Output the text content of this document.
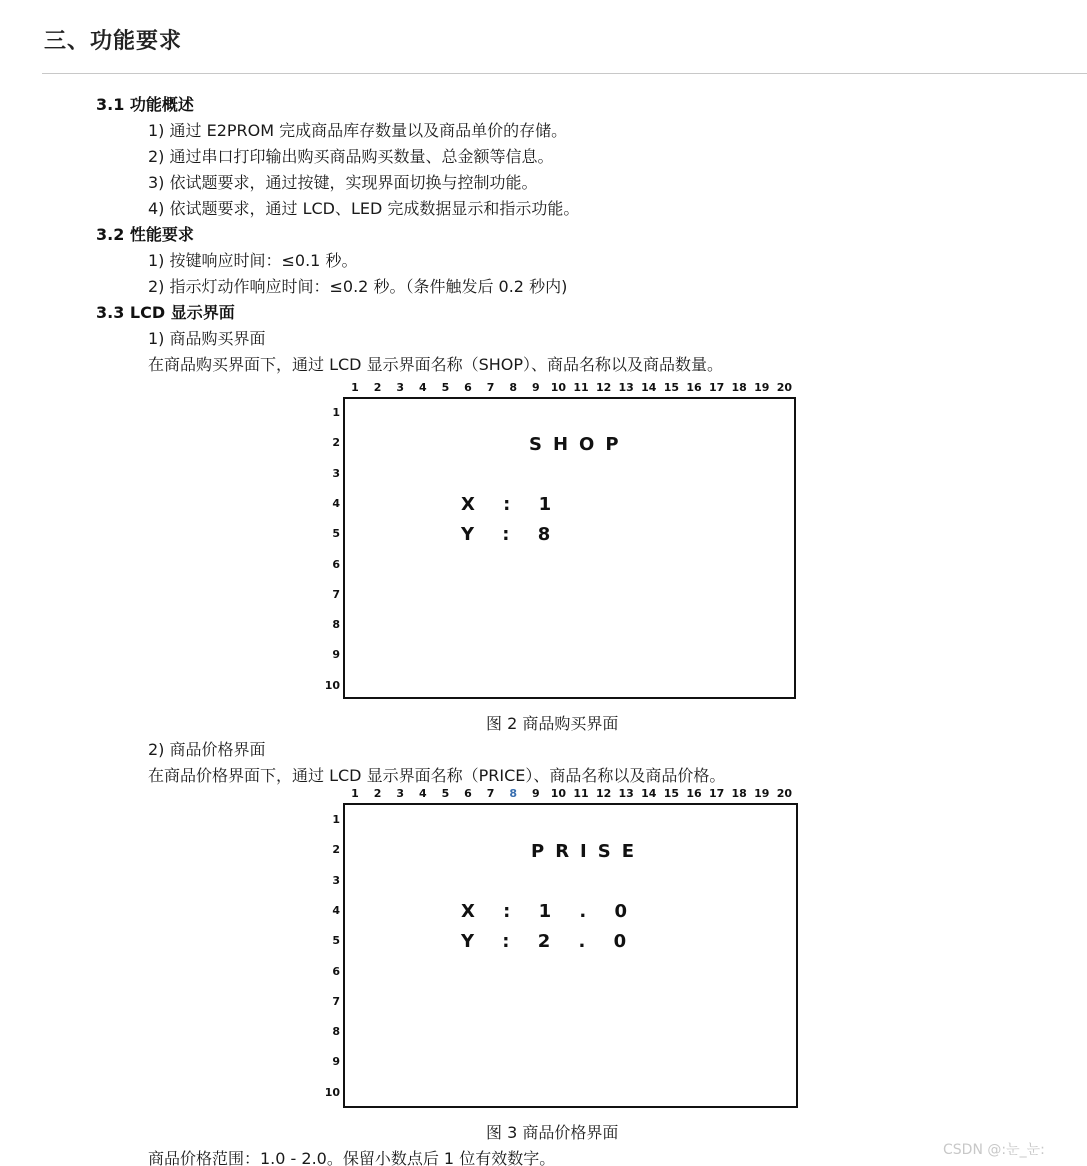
三、功能要求
3.1 功能概述
1) 通过 E2PROM 完成商品库存数量以及商品单价的存储。
2) 通过串口打印输出购买商品购买数量、总金额等信息。
3) 依试题要求，通过按键，实现界面切换与控制功能。
4) 依试题要求，通过 LCD、LED 完成数据显示和指示功能。
3.2 性能要求
1) 按键响应时间：≤0.1 秒。
2) 指示灯动作响应时间：≤0.2 秒。（条件触发后 0.2 秒内)
3.3 LCD 显示界面
1) 商品购买界面
在商品购买界面下，通过 LCD 显示界面名称（SHOP）、商品名称以及商品数量。
1	2	3	4	5	6	7	8	9	10 11 12 13 14 15 16 17 18 19 20
1
2
3
4
5
6
7
8
9
10
SHOP
X : 1
Y : 8
图 2 商品购买界面
2) 商品价格界面
在商品价格界面下，通过 LCD 显示界面名称（PRICE）、商品名称以及商品价格。
1	2	3	4	5	6	7	8	9	10 11 12 13 14 15 16 17 18 19 20
1
2
3
4
5
6
7
8
9
10
PRISE
X : 1 . 0
Y : 2 . 0
图 3 商品价格界面
商品价格范围：1.0 - 2.0。保留小数点后 1 位有效数字。	CSDN @:눈_눈:
